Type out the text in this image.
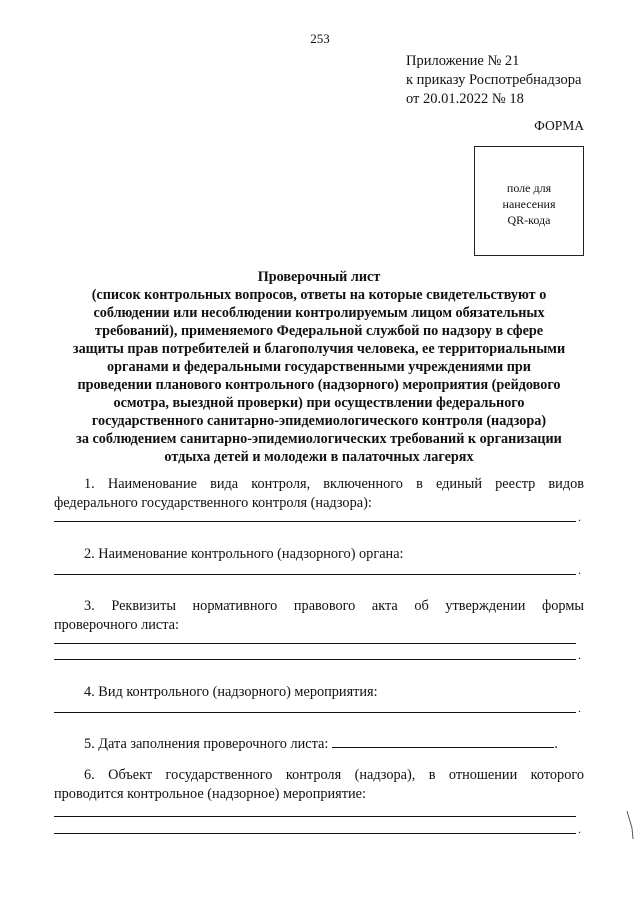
253
Приложение № 21
к приказу Роспотребнадзора
от 20.01.2022 № 18
ФОРМА
поле для
нанесения
QR-кода
Проверочный лист
(список контрольных вопросов, ответы на которые свидетельствуют о
соблюдении или несоблюдении контролируемым лицом обязательных
требований), применяемого Федеральной службой по надзору в сфере
защиты прав потребителей и благополучия человека, ее территориальными
органами и федеральными государственными учреждениями при
проведении планового контрольного (надзорного) мероприятия (рейдового
осмотра, выездной проверки) при осуществлении федерального
государственного санитарно-эпидемиологического контроля (надзора)
за соблюдением санитарно-эпидемиологических требований к организации
отдыха детей и молодежи в палаточных лагерях
1. Наименование вида контроля, включенного в единый реестр видов
федерального государственного контроля (надзора):
.
2. Наименование контрольного (надзорного) органа:
.
3. Реквизиты нормативного правового акта об утверждении формы
проверочного листа:
.
4. Вид контрольного (надзорного) мероприятия:
.
5. Дата заполнения проверочного листа:	.
6. Объект государственного контроля (надзора), в отношении которого
проводится контрольное (надзорное) мероприятие:
.
